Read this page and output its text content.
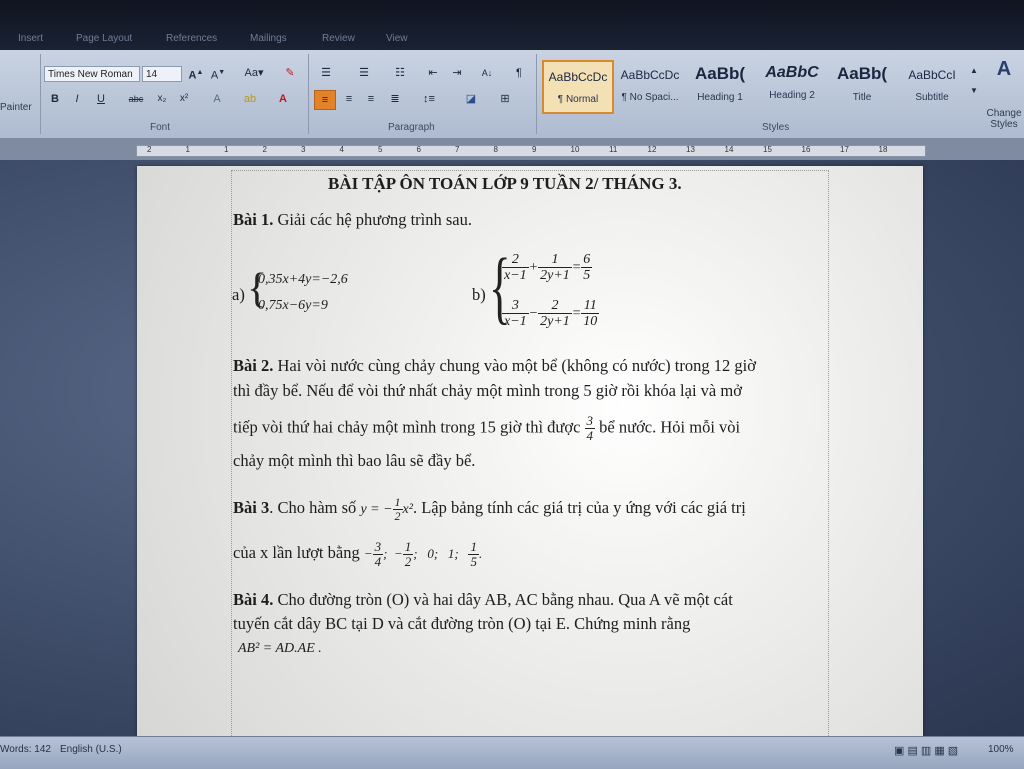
Insert	Page Layout	References	Mailings	Review	View
Painter
Times New Roman	14	A▲ A▼ Aa▾	✎
B	I	U	abc	x₂	x²	A	ab	A
Font
☰	☰	☷	⇤	⇥	A↓	¶
≡	≡	≡	≣	↕≡	◪	⊞
Paragraph
AaBbCcDc
¶ Normal
AaBbCcDc
¶ No Spaci...
AaBb(
Heading 1
AaBbC
Heading 2
AaBb(
Title
AaBbCcI
Subtitle
▲
▼
Styles
A
Change Styles
2	1	1	2	3	4	5	6	7	8	9	10	11	12	13	14	15	16	17	18
BÀI TẬP ÔN TOÁN LỚP 9 TUẦN 2/ THÁNG 3.
Bài 1. Giải các hệ phương trình sau.
a) {
0,35x+4y=−2,6
0,75x−6y=9
b) {
$\frac{2}{x-1} + \frac{1}{2y+1} = \frac{6}{5}$
$\frac{3}{x-1} - \frac{2}{2y+1} = \frac{11}{10}$
Bài 2. Hai vòi nước cùng chảy chung vào một bể (không có nước) trong 12 giờ
thì đầy bể. Nếu để vòi thứ nhất chảy một mình trong 5 giờ rồi khóa lại và mở
tiếp vòi thứ hai chảy một mình trong 15 giờ thì được $\frac{3}{4}$ bể nước. Hỏi mỗi vòi
chảy một mình thì bao lâu sẽ đầy bể.
Bài 3. Cho hàm số y = − $\frac{1}{2} x^2$. Lập bảng tính các giá trị của y ứng với các giá trị
của x lần lượt bằng − $\frac{3}{4}$ ;  − $\frac{1}{2}$ ;   0;   1; $\frac{1}{5}$ .
Bài 4. Cho đường tròn (O) và hai dây AB, AC bằng nhau. Qua A vẽ một cát
tuyến cắt dây BC tại D và cắt đường tròn (O) tại E. Chứng minh rằng
AB² = AD.AE .
Words: 142 English (U.S.)	▣ ▤ ▥ ▦ ▧	100%
